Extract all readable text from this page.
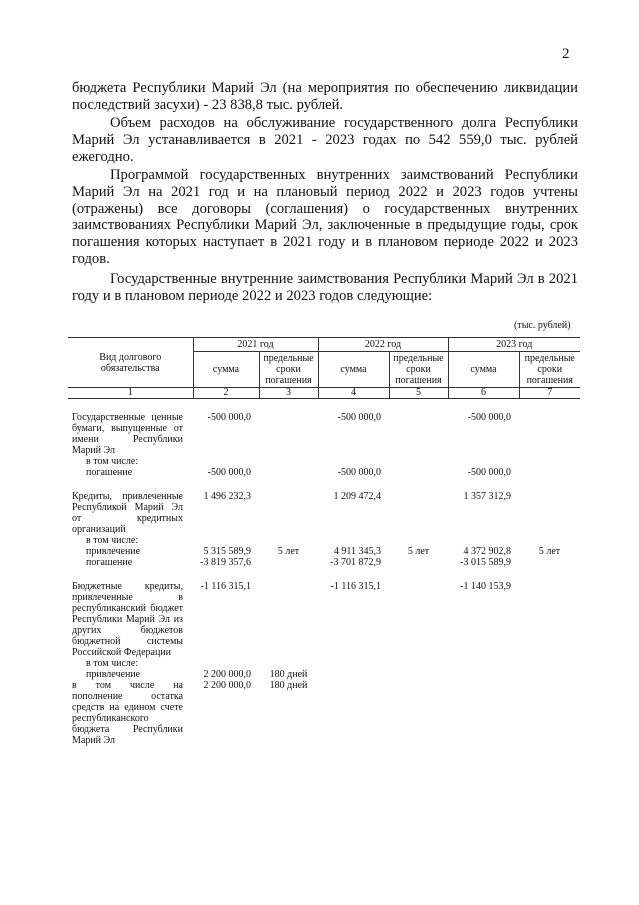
2
бюджета Республики Марий Эл (на мероприятия по обеспечению ликвидации последствий засухи) - 23 838,8 тыс. рублей.
Объем расходов на обслуживание государственного долга Республики Марий Эл устанавливается в 2021 - 2023 годах по 542 559,0 тыс. рублей ежегодно.
Программой государственных внутренних заимствований Республики Марий Эл на 2021 год и на плановый период 2022 и 2023 годов учтены (отражены) все договоры (соглашения) о государственных внутренних заимствованиях Республики Марий Эл, заключенные в предыдущие годы, срок погашения которых наступает в 2021 году и в плановом периоде 2022 и 2023 годов.
Государственные внутренние заимствования Республики Марий Эл в 2021 году и в плановом периоде 2022 и 2023 годов следующие:
(тыс. рублей)
Вид долгового обязательства	2021 год		2022 год		2023 год	
	сумма	предельные сроки погашения	сумма	предельные сроки погашения	сумма	предельные сроки погашения
1	2	3	4	5	6	7

Государственные ценные бумаги, выпущенные от имени Республики Марий Эл	-500 000,0		-500 000,0		-500 000,0	
в том числе:						
погашение	-500 000,0		-500 000,0		-500 000,0	

Кредиты, привлеченные Республикой Марий Эл от кредитных организаций	1 496 232,3		1 209 472,4		1 357 312,9	
в том числе:						
привлечение	5 315 589,9	5 лет	4 911 345,3	5 лет	4 372 902,8	5 лет
погашение	-3 819 357,6		-3 701 872,9		-3 015 589,9	

Бюджетные кредиты, привлеченные в республиканский бюджет Республики Марий Эл из других бюджетов бюджетной системы Российской Федерации	-1 116 315,1		-1 116 315,1		-1 140 153,9	
в том числе:						
привлечение	2 200 000,0	180 дней				
в том числе на пополнение остатка средств на едином счете республиканского бюджета Республики Марий Эл	2 200 000,0	180 дней				
